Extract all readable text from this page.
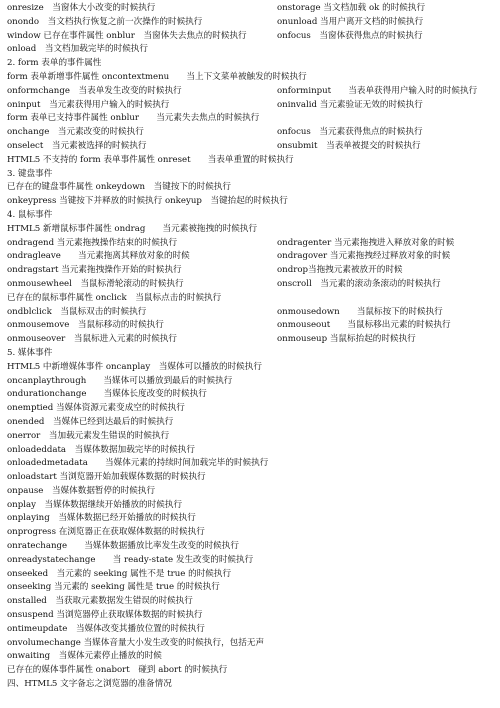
onresize　当窗体大小改变的时候执行	onstorage 当文档加载 ok 的时候执行
onondo　当文档执行恢复之前一次操作的时候执行	onunload 当用户离开文档的时候执行
window 已存在事件属性 onblur　当窗体失去焦点的时候执行	onfocus　当窗体获得焦点的时候执行
onload　当文档加载完毕的时候执行
2. form 表单的事件属性
form 表单新增事件属性 oncontextmenu　　当上下文菜单被触发的时候执行
onformchange　当表单发生改变的时候执行	onforminput　　当表单获得用户输入时的时候执行
oninput　当元素获得用户输入的时候执行	oninvalid 当元素验证无效的时候执行
form 表单已支持事件属性 onblur　　当元素失去焦点的时候执行
onchange　当元素改变的时候执行	onfocus　当元素获得焦点的时候执行
onselect　当元素被选择的时候执行	onsubmit　当表单被提交的时候执行
HTML5 不支持的 form 表单事件属性 onreset　　当表单重置的时候执行
3. 键盘事件
已存在的键盘事件属性 onkeydown　当键按下的时候执行
onkeypress 当键按下并释放的时候执行 onkeyup　当键抬起的时候执行
4. 鼠标事件
HTML5 新增鼠标事件属性 ondrag　　当元素被拖拽的时候执行
ondragend 当元素拖拽操作结束的时候执行	ondragenter 当元素拖拽进入释放对象的时候
ondragleave　　当元素拖离其释放对象的时候	ondragover 当元素拖拽经过释放对象的时候
ondragstart 当元素拖拽操作开始的时候执行	ondrop当拖拽元素被放开的时候
onmousewheel　当鼠标滑轮滚动的时候执行	onscroll　当元素的滚动条滚动的时候执行
已存在的鼠标事件属性 onclick　当鼠标点击的时候执行
ondblclick　当鼠标双击的时候执行	onmousedown　　当鼠标按下的时候执行
onmousemove　当鼠标移动的时候执行	onmouseout　　当鼠标移出元素的时候执行
onmouseover　当鼠标进入元素的时候执行	onmouseup 当鼠标抬起的时候执行
5. 媒体事件
HTML5 中新增媒体事件 oncanplay　当媒体可以播放的时候执行
oncanplaythrough　　当媒体可以播放到最后的时候执行
ondurationchange　　当媒体长度改变的时候执行
onemptied 当媒体资源元素变成空的时候执行
onended　当媒体已经到达最后的时候执行
onerror　当加载元素发生错误的时候执行
onloadeddata　当媒体数据加载完毕的时候执行
onloadedmetadata　　当媒体元素的持续时间加载完毕的时候执行
onloadstart 当浏览器开始加载媒体数据的时候执行
onpause　当媒体数据暂停的时候执行
onplay　当媒体数据继续开始播放的时候执行
onplaying　当媒体数据已经开始播放的时候执行
onprogress 在浏览器正在获取媒体数据的时候执行
onratechange　　当媒体数据播放比率发生改变的时候执行
onreadystatechange　　当 ready-state 发生改变的时候执行
onseeked　当元素的 seeking 属性不是 true 的时候执行
onseeking 当元素的 seeking 属性是 true 的时候执行
onstalled　当获取元素数据发生错误的时候执行
onsuspend 当浏览器停止获取媒体数据的时候执行
ontimeupdate　当媒体改变其播放位置的时候执行
onvolumechange 当媒体音量大小发生改变的时候执行，包括无声
onwaiting　当媒体元素停止播放的时候
已存在的媒体事件属性 onabort　碰到 abort 的时候执行
四、HTML5 文字备忘之浏览器的准备情况
